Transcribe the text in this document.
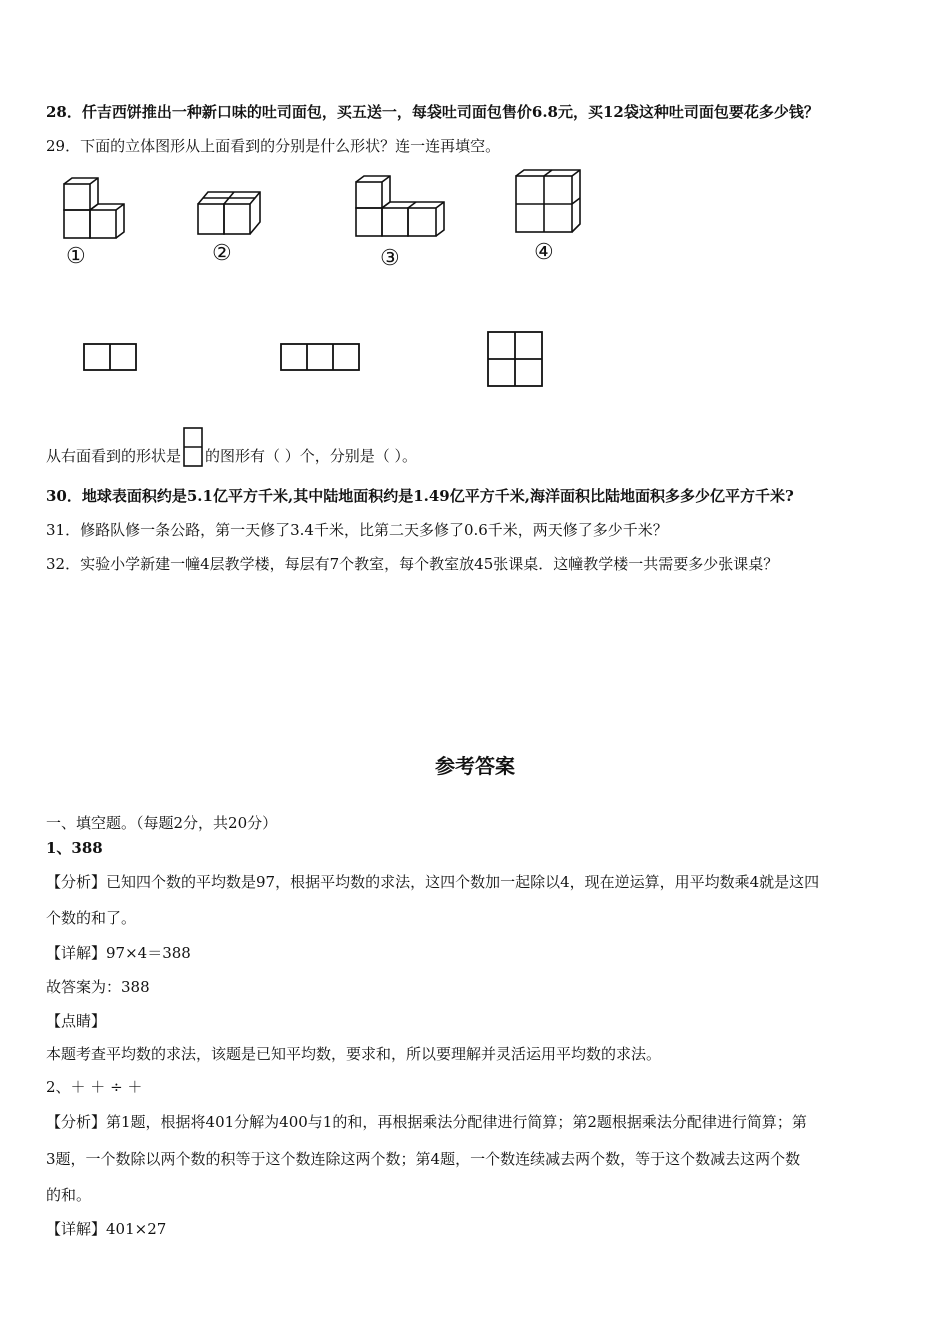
28．仟吉西饼推出一种新口味的吐司面包，买五送一，每袋吐司面包售价6.8元，买12袋这种吐司面包要花多少钱？
29．下面的立体图形从上面看到的分别是什么形状？连一连再填空。
①	②	③	④
从右面看到的形状是 的图形有（ ）个，分别是（ ）。
30．地球表面积约是5.1亿平方千米,其中陆地面积约是1.49亿平方千米,海洋面积比陆地面积多多少亿平方千米?
31．修路队修一条公路，第一天修了3.4千米，比第二天多修了0.6千米，两天修了多少千米？
32．实验小学新建一幢4层教学楼，每层有7个教室，每个教室放45张课桌．这幢教学楼一共需要多少张课桌？
参考答案
一、填空题。（每题2分，共20分）
1、388
【分析】已知四个数的平均数是97，根据平均数的求法，这四个数加一起除以4，现在逆运算，用平均数乘4就是这四
个数的和了。
【详解】97×4＝388
故答案为：388
【点睛】
本题考查平均数的求法，该题是已知平均数，要求和，所以要理解并灵活运用平均数的求法。
2、＋ ＋ ÷ ＋
【分析】第1题，根据将401分解为400与1的和，再根据乘法分配律进行简算；第2题根据乘法分配律进行简算；第
3题，一个数除以两个数的积等于这个数连除这两个数；第4题，一个数连续减去两个数，等于这个数减去这两个数
的和。
【详解】401×27
